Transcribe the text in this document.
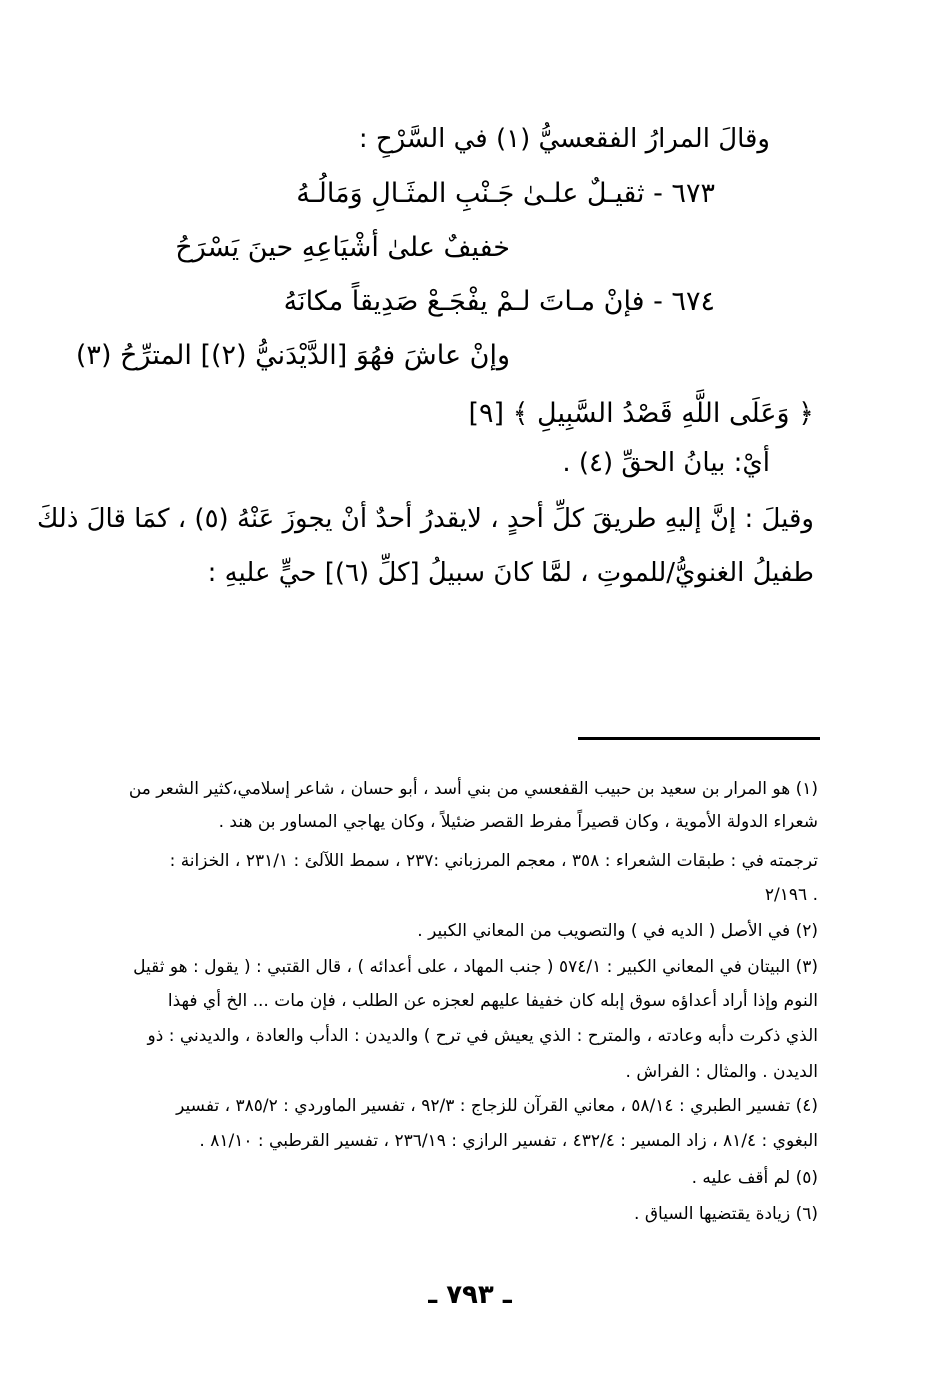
وقالَ المرارُ الفقعسيُّ (١) في السَّرْحِ :
٦٧٣ - ثقيـلٌ علـىٰ جَـنْبِ المثَـالِ وَمَالُـهُ
خفيفٌ علىٰ أشْيَاعِهِ حينَ يَسْرَحُ
٦٧٤ - فإنْ مـاتَ لـمْ يفْجَـعْ صَدِيقاً مكانَهُ
وإنْ عاشَ فهُوَ [الدَّيْدَنيُّ (٢)] المترِّحُ (٣)
﴿ وَعَلَى اللَّهِ قَصْدُ السَّبِيلِ ﴾ [٩]
أيْ: بيانُ الحقِّ (٤) .
وقيلَ : إنَّ إليهِ طريقَ كلِّ أحدٍ ، لايقدرُ أحدٌ أنْ يجوزَ عَنْهُ (٥) ، كمَا قالَ ذلكَ
طفيلُ الغنويُّ/للموتِ ، لمَّا كانَ سبيلُ [كلِّ (٦)] حيٍّ عليهِ :
(١) هو المرار بن سعيد بن حبيب القفعسي من بني أسد ، أبو حسان ، شاعر إسلامي،كثير الشعر من
شعراء الدولة الأموية ، وكان قصيراً مفرط القصر ضئيلاً ، وكان يهاجي المساور بن هند .
ترجمته في : طبقات الشعراء : ٣٥٨ ، معجم المرزباني :٢٣٧ ، سمط اللآلئ : ٢٣١/١ ، الخزانة :
٢/١٩٦ .
(٢) في الأصل ( الديه في ) والتصويب من المعاني الكبير .
(٣) البيتان في المعاني الكبير : ٥٧٤/١ ( جنب المهاد ، على أعدائه ) ، قال القتبي : ( يقول : هو ثقيل
النوم وإذا أراد أعداؤه سوق إبله كان خفيفا عليهم لعجزه عن الطلب ، فإن مات ... الخ أي فهذا
الذي ذكرت دأبه وعادته ، والمترح : الذي يعيش في ترح ) والديدن : الدأب والعادة ، والديدني : ذو
الديدن . والمثال : الفراش .
(٤) تفسير الطبري : ٥٨/١٤ ، معاني القرآن للزجاج : ٩٢/٣ ، تفسير الماوردي : ٣٨٥/٢ ، تفسير
البغوي : ٨١/٤ ، زاد المسير : ٤٣٢/٤ ، تفسير الرازي : ٢٣٦/١٩ ، تفسير القرطبي : ٨١/١٠ .
(٥) لم أقف عليه .
(٦) زيادة يقتضيها السياق .
ـ ٧٩٣ ـ
